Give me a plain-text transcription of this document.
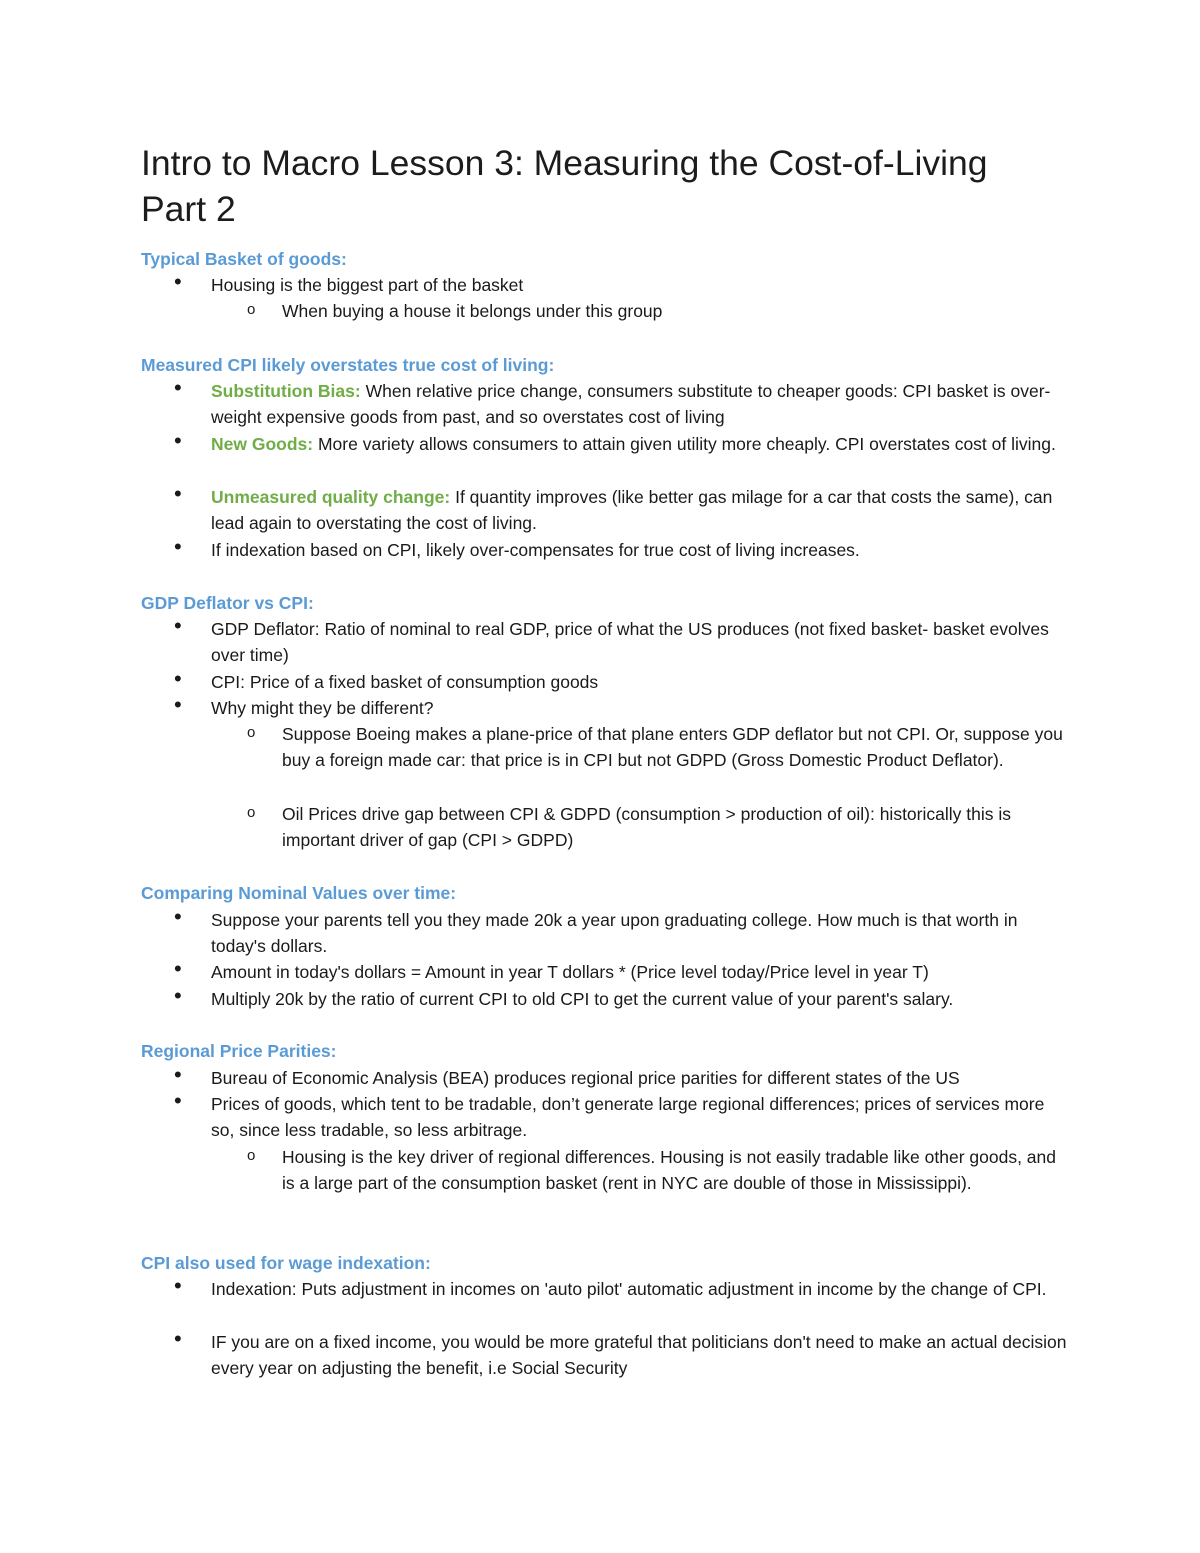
Intro to Macro Lesson 3: Measuring the Cost-of-Living Part 2
Typical Basket of goods:
• Housing is the biggest part of the basket
o When buying a house it belongs under this group
Measured CPI likely overstates true cost of living:
• Substitution Bias: When relative price change, consumers substitute to cheaper goods: CPI basket is over-weight expensive goods from past, and so overstates cost of living
• New Goods: More variety allows consumers to attain given utility more cheaply. CPI overstates cost of living.
• Unmeasured quality change: If quantity improves (like better gas milage for a car that costs the same), can lead again to overstating the cost of living.
• If indexation based on CPI, likely over-compensates for true cost of living increases.
GDP Deflator vs CPI:
• GDP Deflator: Ratio of nominal to real GDP, price of what the US produces (not fixed basket- basket evolves over time)
• CPI: Price of a fixed basket of consumption goods
• Why might they be different?
o Suppose Boeing makes a plane-price of that plane enters GDP deflator but not CPI. Or, suppose you buy a foreign made car: that price is in CPI but not GDPD (Gross Domestic Product Deflator).
o Oil Prices drive gap between CPI & GDPD (consumption > production of oil): historically this is important driver of gap (CPI > GDPD)
Comparing Nominal Values over time:
• Suppose your parents tell you they made 20k a year upon graduating college. How much is that worth in today's dollars.
• Amount in today's dollars = Amount in year T dollars * (Price level today/Price level in year T)
• Multiply 20k by the ratio of current CPI to old CPI to get the current value of your parent's salary.
Regional Price Parities:
• Bureau of Economic Analysis (BEA) produces regional price parities for different states of the US
• Prices of goods, which tent to be tradable, don’t generate large regional differences; prices of services more so, since less tradable, so less arbitrage.
o Housing is the key driver of regional differences. Housing is not easily tradable like other goods, and is a large part of the consumption basket (rent in NYC are double of those in Mississippi).
CPI also used for wage indexation:
• Indexation: Puts adjustment in incomes on 'auto pilot' automatic adjustment in income by the change of CPI.
• IF you are on a fixed income, you would be more grateful that politicians don't need to make an actual decision every year on adjusting the benefit, i.e Social Security
